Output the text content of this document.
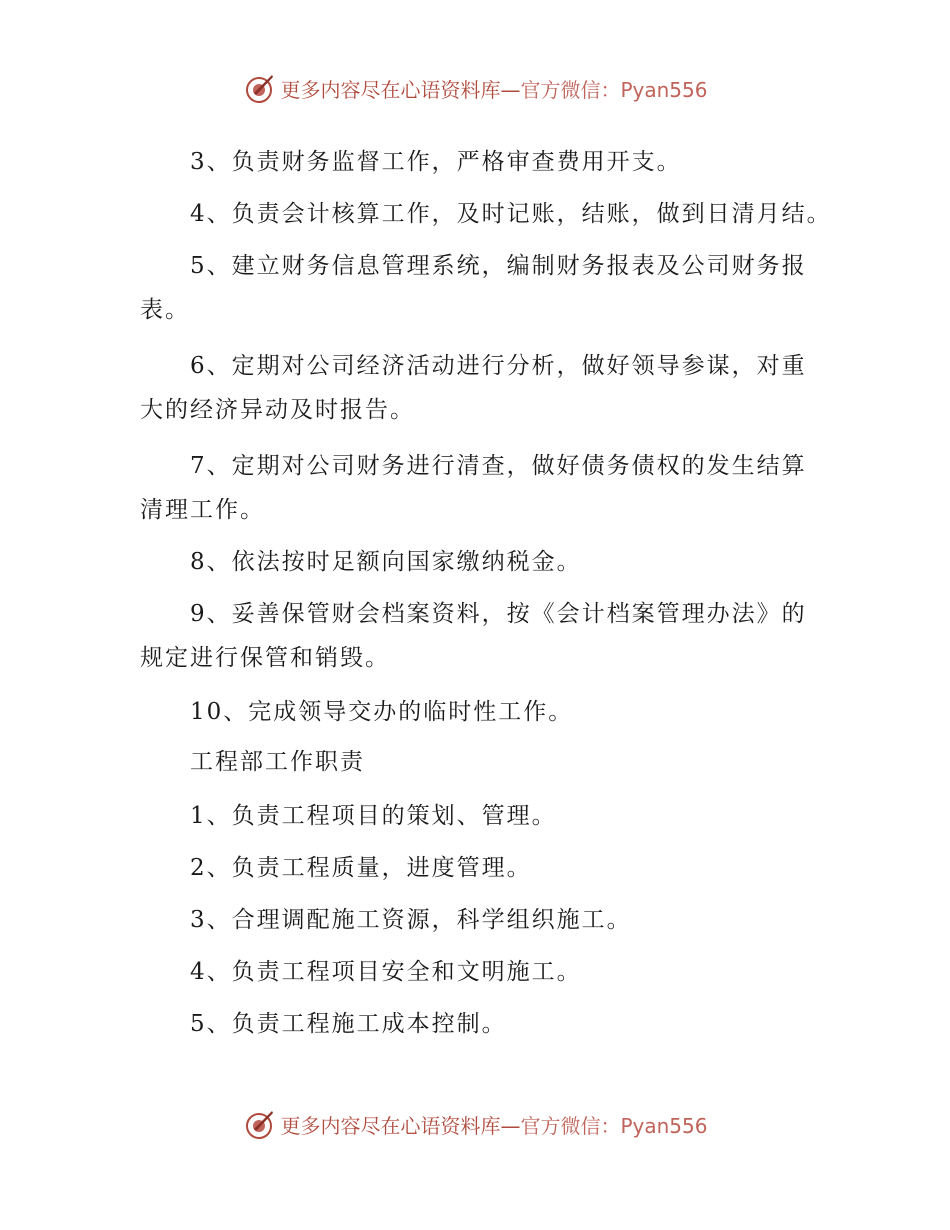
更多内容尽在心语资料库— 官方微信：Pyan556
3、负责财务监督工作，严格审查费用开支。
4、负责会计核算工作，及时记账，结账，做到日清月结。
5、建立财务信息管理系统，编制财务报表及公司财务报
表。
6、定期对公司经济活动进行分析，做好领导参谋，对重
大的经济异动及时报告。
7、定期对公司财务进行清查，做好债务债权的发生结算
清理工作。
8、依法按时足额向国家缴纳税金。
9、妥善保管财会档案资料，按《会计档案管理办法》的
规定进行保管和销毁。
10、完成领导交办的临时性工作。
工程部工作职责
1、负责工程项目的策划、管理。
2、负责工程质量，进度管理。
3、合理调配施工资源，科学组织施工。
4、负责工程项目安全和文明施工。
5、负责工程施工成本控制。
更多内容尽在心语资料库— 官方微信：Pyan556
